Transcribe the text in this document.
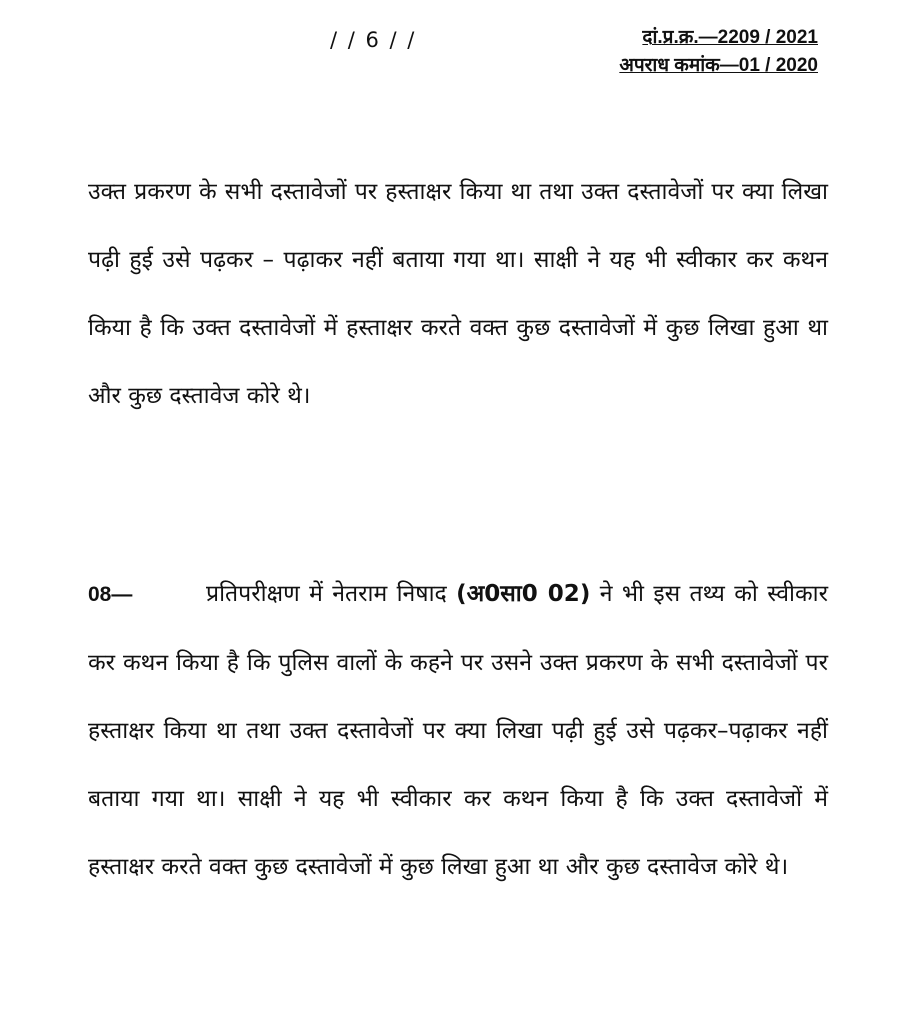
/ / 6 / /	दां.प्र.क्र.—2209 / 2021
अपराध कमांक—01 / 2020

उक्त प्रकरण के सभी दस्तावेजों पर हस्ताक्षर किया था तथा उक्त दस्तावेजों पर क्या लिखा पढ़ी हुई उसे पढ़कर – पढ़ाकर नहीं बताया गया था। साक्षी ने यह भी स्वीकार कर कथन किया है कि उक्त दस्तावेजों में हस्ताक्षर करते वक्त कुछ दस्तावेजों में कुछ लिखा हुआ था और कुछ दस्तावेज कोरे थे।

08—	प्रतिपरीक्षण में नेतराम निषाद (अ0सा0 02) ने भी इस तथ्य को स्वीकार कर कथन किया है कि पुलिस वालों के कहने पर उसने उक्त प्रकरण के सभी दस्तावेजों पर हस्ताक्षर किया था तथा उक्त दस्तावेजों पर क्या लिखा पढ़ी हुई उसे पढ़कर–पढ़ाकर नहीं बताया गया था। साक्षी ने यह भी स्वीकार कर कथन किया है कि उक्त दस्तावेजों में हस्ताक्षर करते वक्त कुछ दस्तावेजों में कुछ लिखा हुआ था और कुछ दस्तावेज कोरे थे।
